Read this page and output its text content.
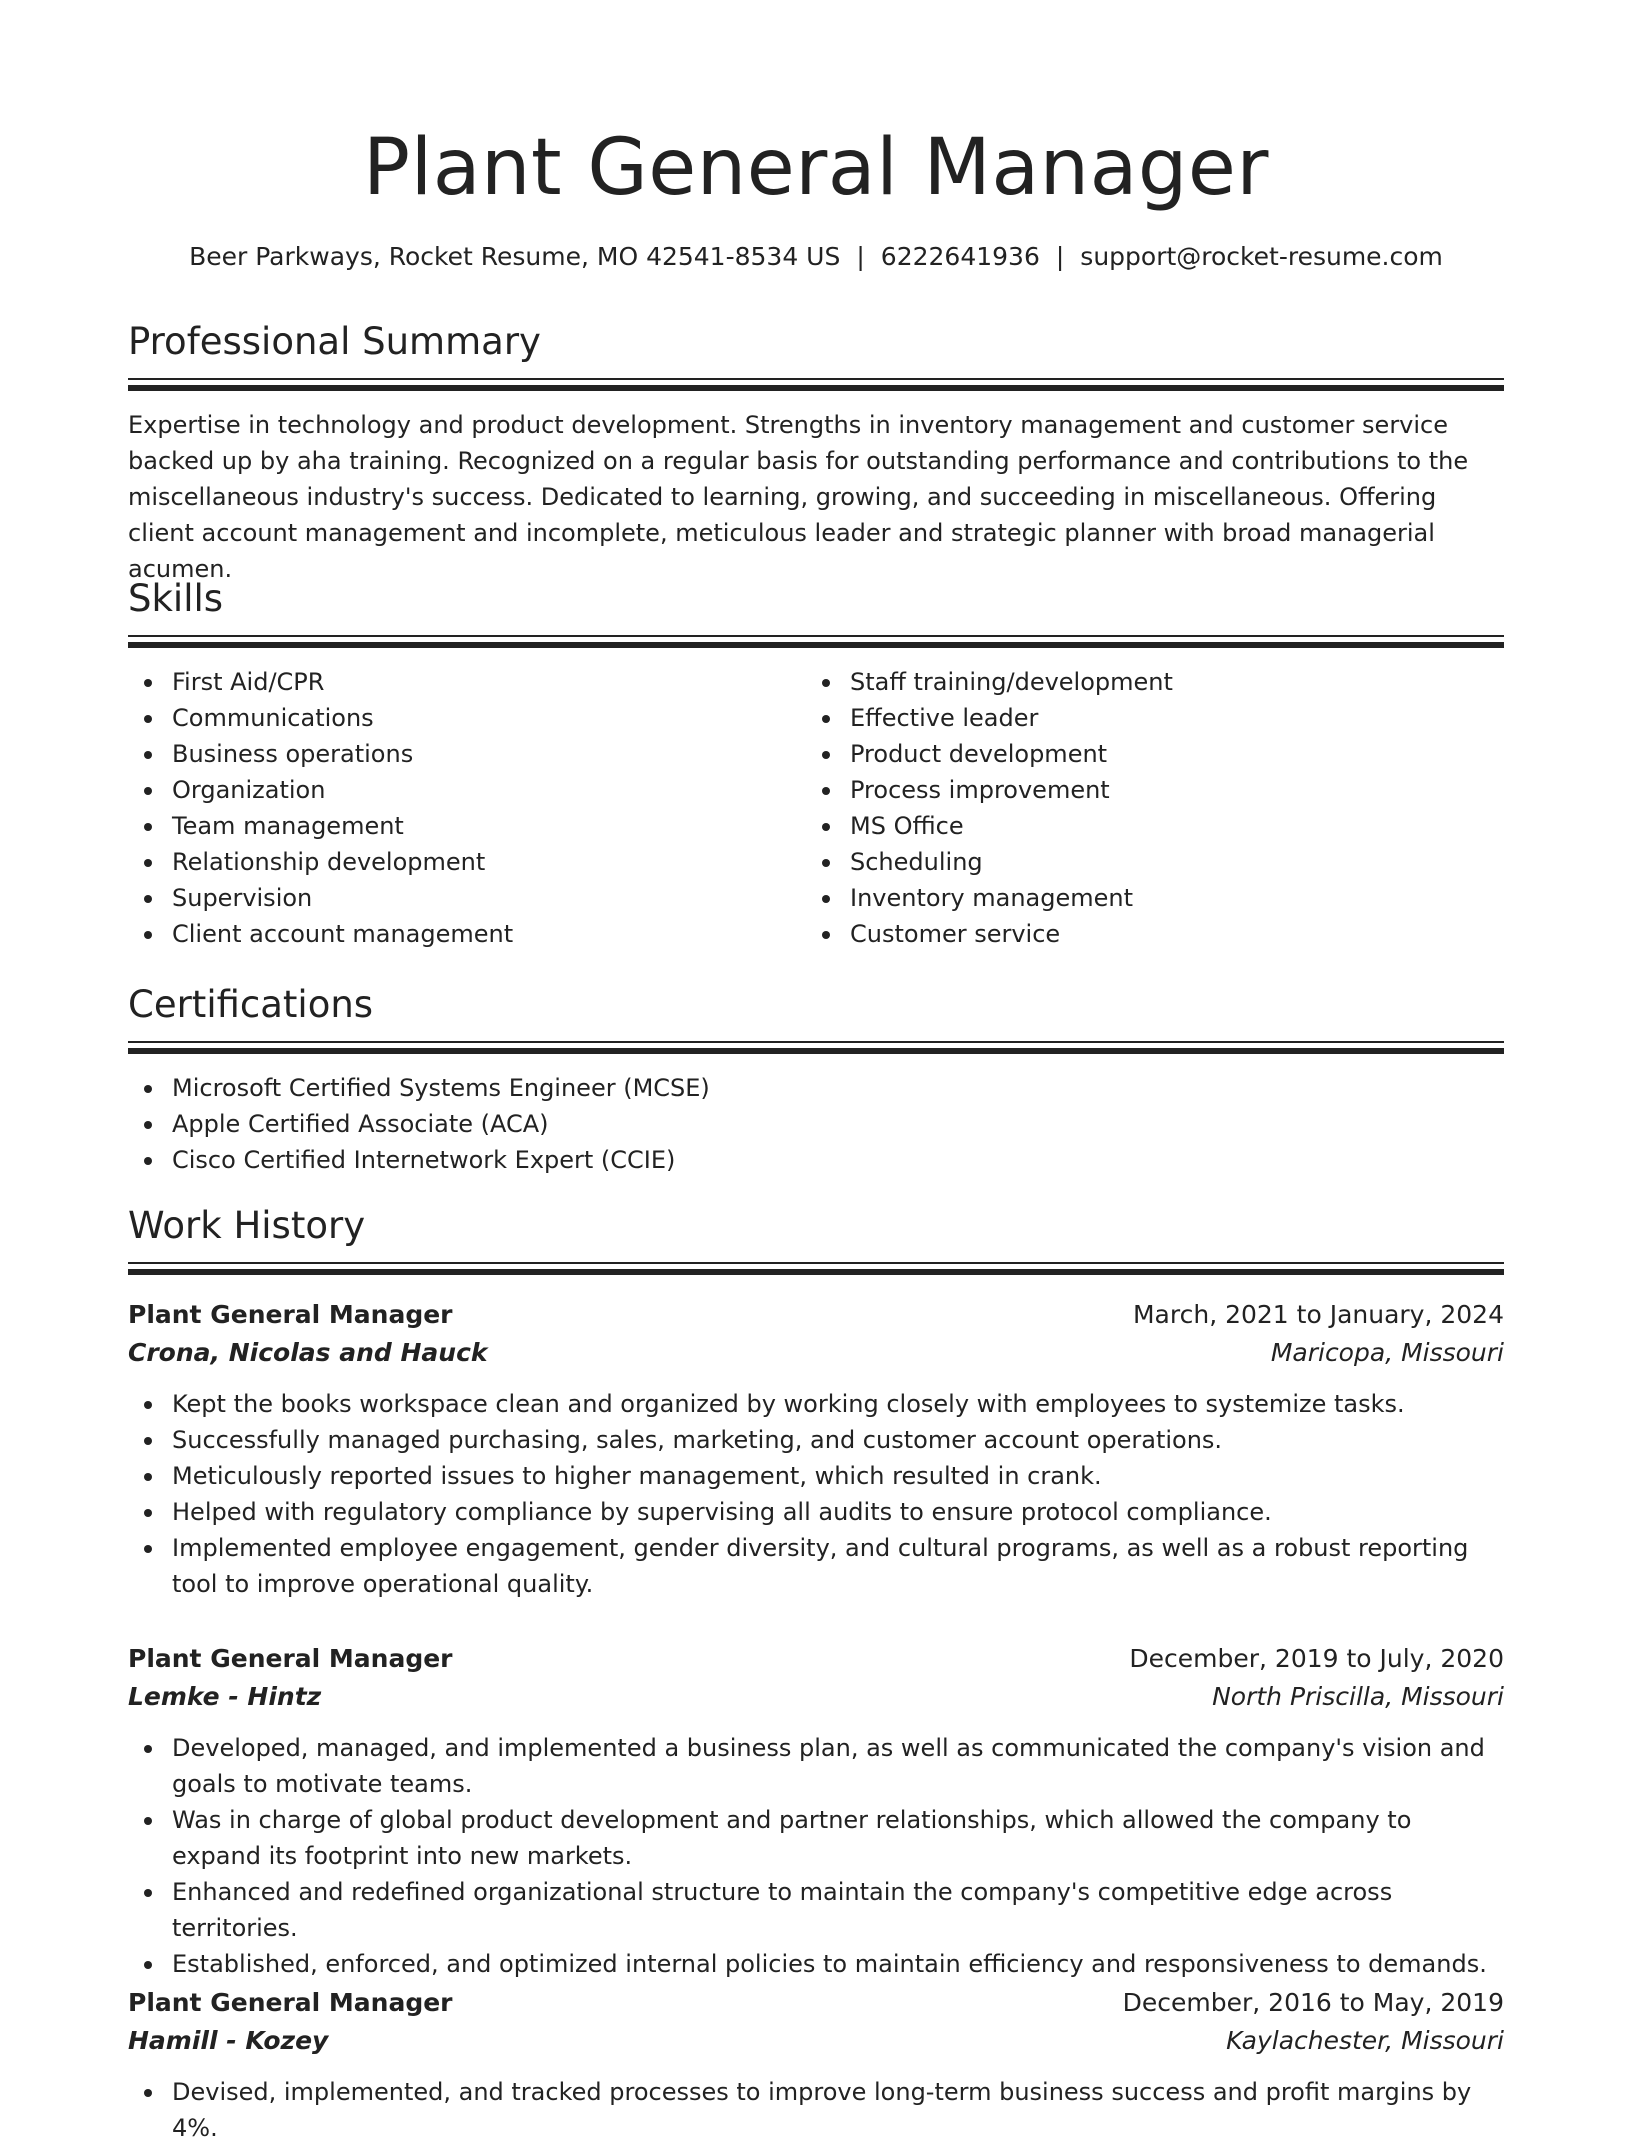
Plant General Manager
Beer Parkways, Rocket Resume, MO 42541-8534 US | 6222641936 | support@rocket-resume.com
Professional Summary
Expertise in technology and product development. Strengths in inventory management and customer service backed up by aha training. Recognized on a regular basis for outstanding performance and contributions to the miscellaneous industry's success. Dedicated to learning, growing, and succeeding in miscellaneous. Offering client account management and incomplete, meticulous leader and strategic planner with broad managerial acumen.
Skills
First Aid/CPR
Communications
Business operations
Organization
Team management
Relationship development
Supervision
Client account management
Staff training/development
Effective leader
Product development
Process improvement
MS Office
Scheduling
Inventory management
Customer service
Certifications
Microsoft Certified Systems Engineer (MCSE)
Apple Certified Associate (ACA)
Cisco Certified Internetwork Expert (CCIE)
Work History
Plant General Manager	March, 2021 to January, 2024
Crona, Nicolas and Hauck	Maricopa, Missouri
Kept the books workspace clean and organized by working closely with employees to systemize tasks.
Successfully managed purchasing, sales, marketing, and customer account operations.
Meticulously reported issues to higher management, which resulted in crank.
Helped with regulatory compliance by supervising all audits to ensure protocol compliance.
Implemented employee engagement, gender diversity, and cultural programs, as well as a robust reporting tool to improve operational quality.
Plant General Manager	December, 2019 to July, 2020
Lemke - Hintz	North Priscilla, Missouri
Developed, managed, and implemented a business plan, as well as communicated the company's vision and goals to motivate teams.
Was in charge of global product development and partner relationships, which allowed the company to expand its footprint into new markets.
Enhanced and redefined organizational structure to maintain the company's competitive edge across territories.
Established, enforced, and optimized internal policies to maintain efficiency and responsiveness to demands.
Plant General Manager	December, 2016 to May, 2019
Hamill - Kozey	Kaylachester, Missouri
Devised, implemented, and tracked processes to improve long-term business success and profit margins by 4%.
